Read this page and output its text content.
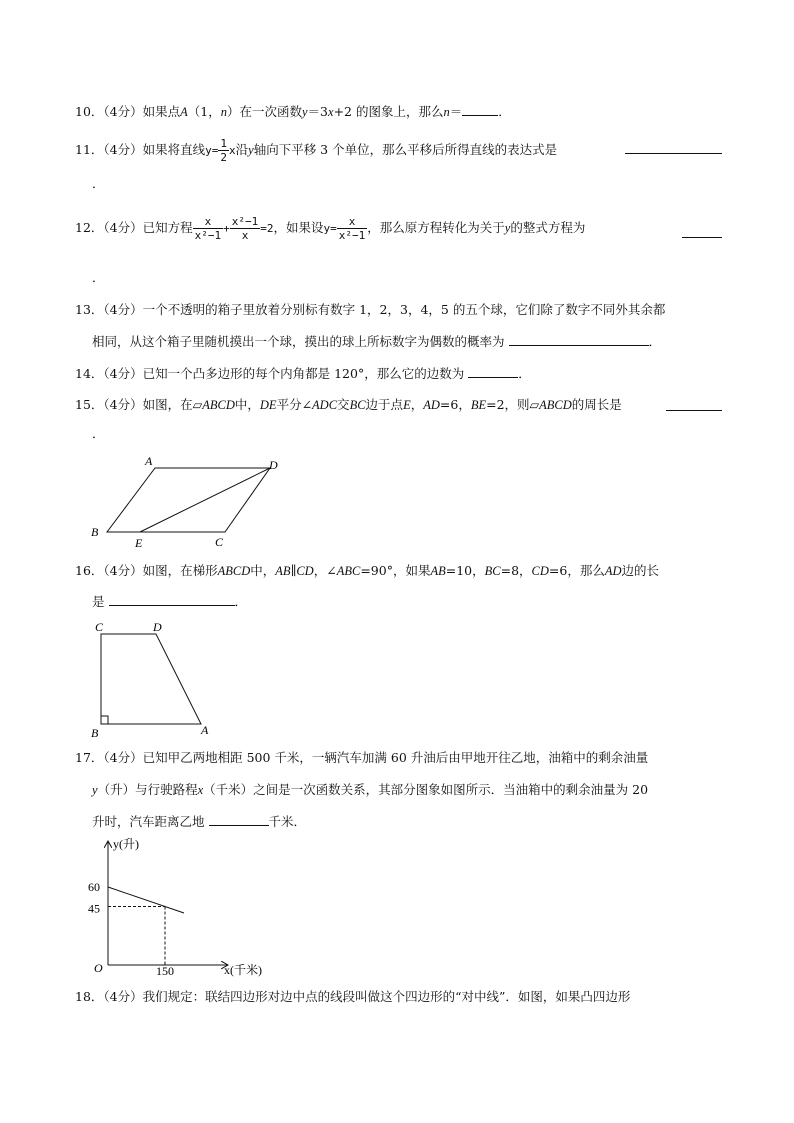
10．（4分）如果点A（1，n）在一次函数y＝3x+2 的图象上，那么n＝	．
11．（4分）如果将直线$y= \frac{1}{2}$ x沿y轴向下平移 3 个单位，那么平移后所得直线的表达式是
．
12．（4分）已知方程 $\frac{x}{\text{x²−1}} + \frac{\text{x²−1}}{x} =2$，如果设$y= \frac{x}{\text{x²−1}}$ ，那么原方程转化为关于y的整式方程为
．
13．（4分）一个不透明的箱子里放着分别标有数字 1，2，3，4，5 的五个球，它们除了数字不同外其余都
相同，从这个箱子里随机摸出一个球，摸出的球上所标数字为偶数的概率为	．
14．（4分）已知一个凸多边形的每个内角都是 120°，那么它的边数为	．
15．（4分）如图，在▱ABCD中，DE平分∠ADC交BC边于点E，AD=6，BE=2，则▱ABCD的周长是
．
A	D
B
C
E
16．（4分）如图，在梯形ABCD中，AB∥CD，∠ABC=90°，如果AB=10，BC=8，CD=6，那么AD边的长
是	．
C	D
B	A
17．（4分）已知甲乙两地相距 500 千米，一辆汽车加满 60 升油后由甲地开往乙地，油箱中的剩余油量
y（升）与行驶路程x（千米）之间是一次函数关系，其部分图象如图所示．当油箱中的剩余油量为 20
升时，汽车距离乙地	千米．
y(升)
x(千米)
O
60
45
150
18．（4分）我们规定：联结四边形对边中点的线段叫做这个四边形的“对中线”．如图，如果凸四边形
